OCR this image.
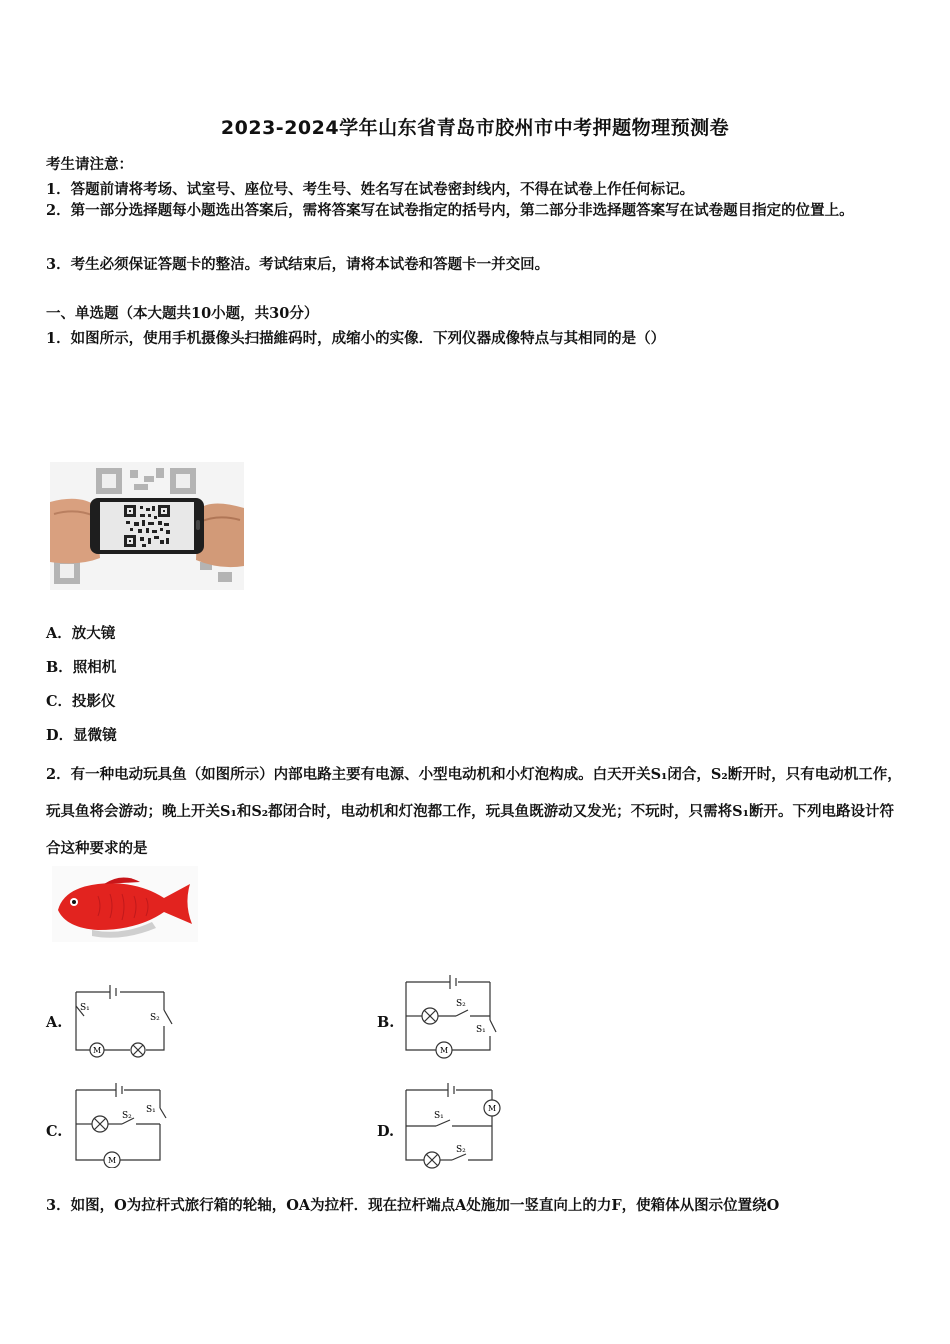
2023-2024学年山东省青岛市胶州市中考押题物理预测卷
考生请注意：
1．答题前请将考场、试室号、座位号、考生号、姓名写在试卷密封线内，不得在试卷上作任何标记。
2．第一部分选择题每小题选出答案后，需将答案写在试卷指定的括号内，第二部分非选择题答案写在试卷题目指定的位置上。
3．考生必须保证答题卡的整洁。考试结束后，请将本试卷和答题卡一并交回。
一、单选题（本大题共10小题，共30分）
1．如图所示，使用手机摄像头扫描維码时，成缩小的实像．下列仪器成像特点与其相同的是（）
A．放大镜
B．照相机
C．投影仪
D．显微镜
2．有一种电动玩具鱼（如图所示）内部电路主要有电源、小型电动机和小灯泡构成。白天开关S₁闭合，S₂断开时，只有电动机工作，玩具鱼将会游动；晚上开关S₁和S₂都闭合时，电动机和灯泡都工作，玩具鱼既游动又发光；不玩时，只需将S₁断开。下列电路设计符合这种要求的是
A.
S₁
S₂
M
B.
S₂
S₁
M
C.
S₂
S₁
M
D.
S₁
S₂
M
3．如图，O为拉杆式旅行箱的轮轴，OA为拉杆．现在拉杆端点A处施加一竖直向上的力F，使箱体从图示位置绕O
